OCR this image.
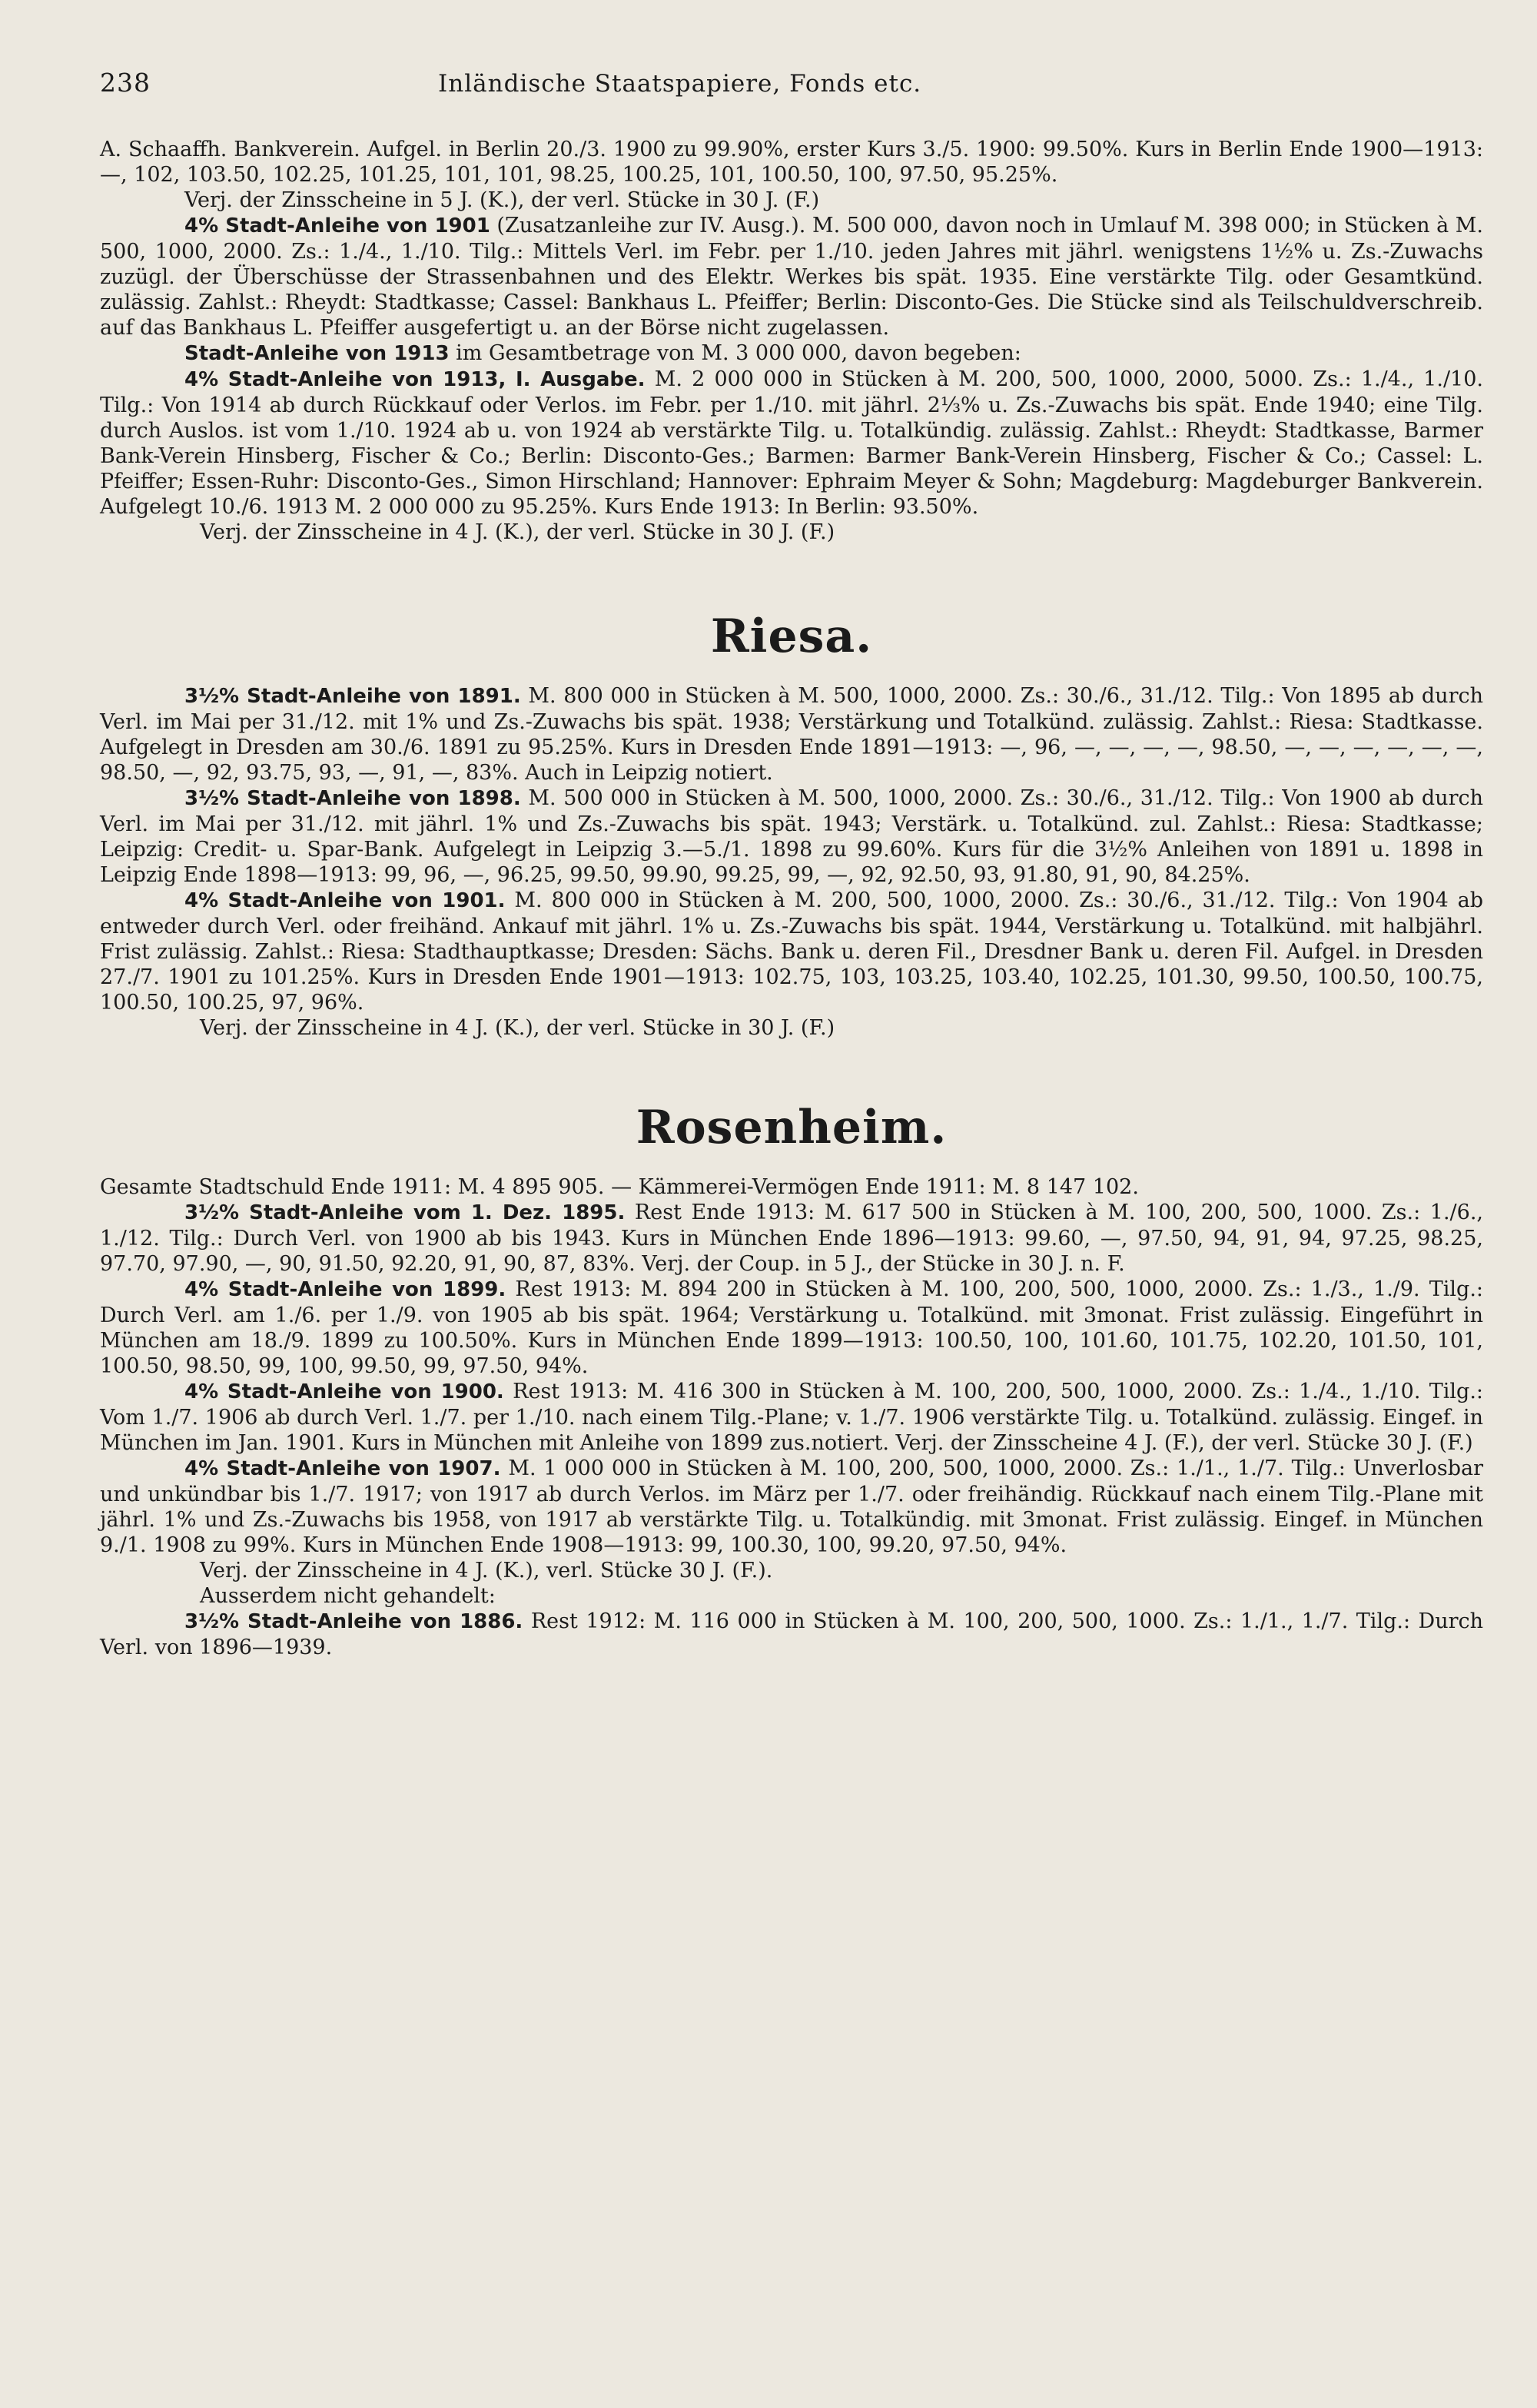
238	Inländische Staatspapiere, Fonds etc.

A. Schaaffh. Bankverein. Aufgel. in Berlin 20./3. 1900 zu 99.90%, erster Kurs 3./5. 1900: 99.50%. Kurs in Berlin Ende 1900—1913: —, 102, 103.50, 102.25, 101.25, 101, 101, 98.25, 100.25, 101, 100.50, 100, 97.50, 95.25%.

Verj. der Zinsscheine in 5 J. (K.), der verl. Stücke in 30 J. (F.)

4% Stadt-Anleihe von 1901 (Zusatzanleihe zur IV. Ausg.). M. 500 000, davon noch in Umlauf M. 398 000; in Stücken à M. 500, 1000, 2000. Zs.: 1./4., 1./10. Tilg.: Mittels Verl. im Febr. per 1./10. jeden Jahres mit jährl. wenigstens 1½% u. Zs.-Zuwachs zuzügl. der Überschüsse der Strassenbahnen und des Elektr. Werkes bis spät. 1935. Eine verstärkte Tilg. oder Gesamtkünd. zulässig. Zahlst.: Rheydt: Stadtkasse; Cassel: Bankhaus L. Pfeiffer; Berlin: Disconto-Ges. Die Stücke sind als Teilschuldverschreib. auf das Bankhaus L. Pfeiffer ausgefertigt u. an der Börse nicht zugelassen.

Stadt-Anleihe von 1913 im Gesamtbetrage von M. 3 000 000, davon begeben:

4% Stadt-Anleihe von 1913, I. Ausgabe. M. 2 000 000 in Stücken à M. 200, 500, 1000, 2000, 5000. Zs.: 1./4., 1./10. Tilg.: Von 1914 ab durch Rückkauf oder Verlos. im Febr. per 1./10. mit jährl. 2⅓% u. Zs.-Zuwachs bis spät. Ende 1940; eine Tilg. durch Auslos. ist vom 1./10. 1924 ab u. von 1924 ab verstärkte Tilg. u. Totalkündig. zulässig. Zahlst.: Rheydt: Stadtkasse, Barmer Bank-Verein Hinsberg, Fischer & Co.; Berlin: Disconto-Ges.; Barmen: Barmer Bank-Verein Hinsberg, Fischer & Co.; Cassel: L. Pfeiffer; Essen-Ruhr: Disconto-Ges., Simon Hirschland; Hannover: Ephraim Meyer & Sohn; Magdeburg: Magdeburger Bankverein. Aufgelegt 10./6. 1913 M. 2 000 000 zu 95.25%. Kurs Ende 1913: In Berlin: 93.50%.

Verj. der Zinsscheine in 4 J. (K.), der verl. Stücke in 30 J. (F.)

Riesa.

3½% Stadt-Anleihe von 1891. M. 800 000 in Stücken à M. 500, 1000, 2000. Zs.: 30./6., 31./12. Tilg.: Von 1895 ab durch Verl. im Mai per 31./12. mit 1% und Zs.-Zuwachs bis spät. 1938; Verstärkung und Totalkünd. zulässig. Zahlst.: Riesa: Stadtkasse. Aufgelegt in Dresden am 30./6. 1891 zu 95.25%. Kurs in Dresden Ende 1891—1913: —, 96, —, —, —, —, 98.50, —, —, —, —, —, —, 98.50, —, 92, 93.75, 93, —, 91, —, 83%. Auch in Leipzig notiert.

3½% Stadt-Anleihe von 1898. M. 500 000 in Stücken à M. 500, 1000, 2000. Zs.: 30./6., 31./12. Tilg.: Von 1900 ab durch Verl. im Mai per 31./12. mit jährl. 1% und Zs.-Zuwachs bis spät. 1943; Verstärk. u. Totalkünd. zul. Zahlst.: Riesa: Stadtkasse; Leipzig: Credit- u. Spar-Bank. Aufgelegt in Leipzig 3.—5./1. 1898 zu 99.60%. Kurs für die 3½% Anleihen von 1891 u. 1898 in Leipzig Ende 1898—1913: 99, 96, —, 96.25, 99.50, 99.90, 99.25, 99, —, 92, 92.50, 93, 91.80, 91, 90, 84.25%.

4% Stadt-Anleihe von 1901. M. 800 000 in Stücken à M. 200, 500, 1000, 2000. Zs.: 30./6., 31./12. Tilg.: Von 1904 ab entweder durch Verl. oder freihänd. Ankauf mit jährl. 1% u. Zs.-Zuwachs bis spät. 1944, Verstärkung u. Totalkünd. mit halbjährl. Frist zulässig. Zahlst.: Riesa: Stadthauptkasse; Dresden: Sächs. Bank u. deren Fil., Dresdner Bank u. deren Fil. Aufgel. in Dresden 27./7. 1901 zu 101.25%. Kurs in Dresden Ende 1901—1913: 102.75, 103, 103.25, 103.40, 102.25, 101.30, 99.50, 100.50, 100.75, 100.50, 100.25, 97, 96%.

Verj. der Zinsscheine in 4 J. (K.), der verl. Stücke in 30 J. (F.)

Rosenheim.

Gesamte Stadtschuld Ende 1911: M. 4 895 905. — Kämmerei-Vermögen Ende 1911: M. 8 147 102.

3½% Stadt-Anleihe vom 1. Dez. 1895. Rest Ende 1913: M. 617 500 in Stücken à M. 100, 200, 500, 1000. Zs.: 1./6., 1./12. Tilg.: Durch Verl. von 1900 ab bis 1943. Kurs in München Ende 1896—1913: 99.60, —, 97.50, 94, 91, 94, 97.25, 98.25, 97.70, 97.90, —, 90, 91.50, 92.20, 91, 90, 87, 83%. Verj. der Coup. in 5 J., der Stücke in 30 J. n. F.

4% Stadt-Anleihe von 1899. Rest 1913: M. 894 200 in Stücken à M. 100, 200, 500, 1000, 2000. Zs.: 1./3., 1./9. Tilg.: Durch Verl. am 1./6. per 1./9. von 1905 ab bis spät. 1964; Verstärkung u. Totalkünd. mit 3monat. Frist zulässig. Eingeführt in München am 18./9. 1899 zu 100.50%. Kurs in München Ende 1899—1913: 100.50, 100, 101.60, 101.75, 102.20, 101.50, 101, 100.50, 98.50, 99, 100, 99.50, 99, 97.50, 94%.

4% Stadt-Anleihe von 1900. Rest 1913: M. 416 300 in Stücken à M. 100, 200, 500, 1000, 2000. Zs.: 1./4., 1./10. Tilg.: Vom 1./7. 1906 ab durch Verl. 1./7. per 1./10. nach einem Tilg.-Plane; v. 1./7. 1906 verstärkte Tilg. u. Totalkünd. zulässig. Eingef. in München im Jan. 1901. Kurs in München mit Anleihe von 1899 zus.notiert. Verj. der Zinsscheine 4 J. (F.), der verl. Stücke 30 J. (F.)

4% Stadt-Anleihe von 1907. M. 1 000 000 in Stücken à M. 100, 200, 500, 1000, 2000. Zs.: 1./1., 1./7. Tilg.: Unverlosbar und unkündbar bis 1./7. 1917; von 1917 ab durch Verlos. im März per 1./7. oder freihändig. Rückkauf nach einem Tilg.-Plane mit jährl. 1% und Zs.-Zuwachs bis 1958, von 1917 ab verstärkte Tilg. u. Totalkündig. mit 3monat. Frist zulässig. Eingef. in München 9./1. 1908 zu 99%. Kurs in München Ende 1908—1913: 99, 100.30, 100, 99.20, 97.50, 94%.

Verj. der Zinsscheine in 4 J. (K.), verl. Stücke 30 J. (F.).

Ausserdem nicht gehandelt:

3½% Stadt-Anleihe von 1886. Rest 1912: M. 116 000 in Stücken à M. 100, 200, 500, 1000. Zs.: 1./1., 1./7. Tilg.: Durch Verl. von 1896—1939.
